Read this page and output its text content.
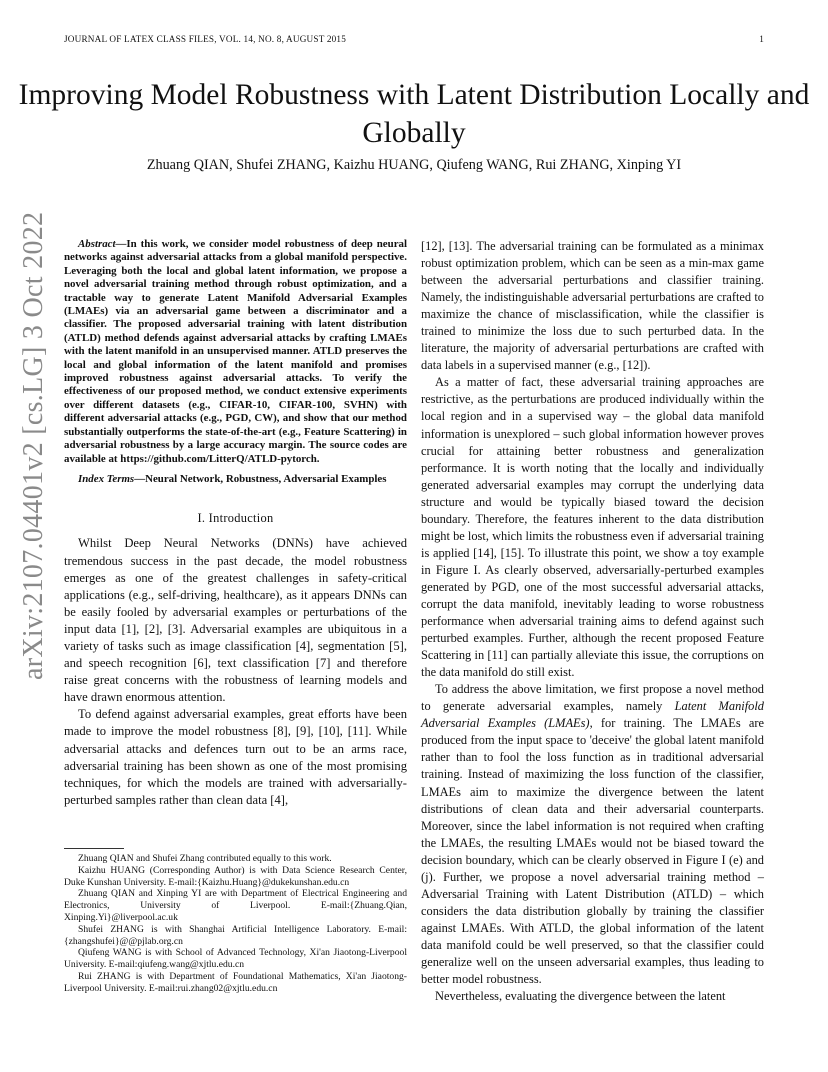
JOURNAL OF LATEX CLASS FILES, VOL. 14, NO. 8, AUGUST 2015	1
arXiv:2107.04401v2 [cs.LG] 3 Oct 2022
Improving Model Robustness with Latent Distribution Locally and Globally
Zhuang QIAN, Shufei ZHANG, Kaizhu HUANG, Qiufeng WANG, Rui ZHANG, Xinping YI

Abstract—In this work, we consider model robustness of deep neural networks against adversarial attacks from a global manifold perspective. Leveraging both the local and global latent information, we propose a novel adversarial training method through robust optimization, and a tractable way to generate Latent Manifold Adversarial Examples (LMAEs) via an adversarial game between a discriminator and a classifier. The proposed adversarial training with latent distribution (ATLD) method defends against adversarial attacks by crafting LMAEs with the latent manifold in an unsupervised manner. ATLD preserves the local and global information of the latent manifold and promises improved robustness against adversarial attacks. To verify the effectiveness of our proposed method, we conduct extensive experiments over different datasets (e.g., CIFAR-10, CIFAR-100, SVHN) with different adversarial attacks (e.g., PGD, CW), and show that our method substantially outperforms the state-of-the-art (e.g., Feature Scattering) in adversarial robustness by a large accuracy margin. The source codes are available at https://github.com/LitterQ/ATLD-pytorch.

Index Terms—Neural Network, Robustness, Adversarial Examples

I. Introduction

Whilst Deep Neural Networks (DNNs) have achieved tremendous success in the past decade, the model robustness emerges as one of the greatest challenges in safety-critical applications (e.g., self-driving, healthcare), as it appears DNNs can be easily fooled by adversarial examples or perturbations of the input data [1], [2], [3]. Adversarial examples are ubiquitous in a variety of tasks such as image classification [4], segmentation [5], and speech recognition [6], text classification [7] and therefore raise great concerns with the robustness of learning models and have drawn enormous attention.

To defend against adversarial examples, great efforts have been made to improve the model robustness [8], [9], [10], [11]. While adversarial attacks and defences turn out to be an arms race, adversarial training has been shown as one of the most promising techniques, for which the models are trained with adversarially-perturbed samples rather than clean data [4],

Zhuang QIAN and Shufei Zhang contributed equally to this work.

Kaizhu HUANG (Corresponding Author) is with Data Science Research Center, Duke Kunshan University. E-mail:{Kaizhu.Huang}@dukekunshan.edu.cn

Zhuang QIAN and Xinping YI are with Department of Electrical Engineering and Electronics, University of Liverpool. E-mail:{Zhuang.Qian, Xinping.Yi}@liverpool.ac.uk

Shufei ZHANG is with Shanghai Artificial Intelligence Laboratory. E-mail:{zhangshufei}@@pjlab.org.cn

Qiufeng WANG is with School of Advanced Technology, Xi'an Jiaotong-Liverpool University. E-mail:qiufeng.wang@xjtlu.edu.cn

Rui ZHANG is with Department of Foundational Mathematics, Xi'an Jiaotong-Liverpool University. E-mail:rui.zhang02@xjtlu.edu.cn

[12], [13]. The adversarial training can be formulated as a minimax robust optimization problem, which can be seen as a min-max game between the adversarial perturbations and classifier training. Namely, the indistinguishable adversarial perturbations are crafted to maximize the chance of misclassification, while the classifier is trained to minimize the loss due to such perturbed data. In the literature, the majority of adversarial perturbations are crafted with data labels in a supervised manner (e.g., [12]).

As a matter of fact, these adversarial training approaches are restrictive, as the perturbations are produced individually within the local region and in a supervised way – the global data manifold information is unexplored – such global information however proves crucial for attaining better robustness and generalization performance. It is worth noting that the locally and individually generated adversarial examples may corrupt the underlying data structure and would be typically biased toward the decision boundary. Therefore, the features inherent to the data distribution might be lost, which limits the robustness even if adversarial training is applied [14], [15]. To illustrate this point, we show a toy example in Figure I. As clearly observed, adversarially-perturbed examples generated by PGD, one of the most successful adversarial attacks, corrupt the data manifold, inevitably leading to worse robustness performance when adversarial training aims to defend against such perturbed examples. Further, although the recent proposed Feature Scattering in [11] can partially alleviate this issue, the corruptions on the data manifold do still exist.

To address the above limitation, we first propose a novel method to generate adversarial examples, namely Latent Manifold Adversarial Examples (LMAEs), for training. The LMAEs are produced from the input space to 'deceive' the global latent manifold rather than to fool the loss function as in traditional adversarial training. Instead of maximizing the loss function of the classifier, LMAEs aim to maximize the divergence between the latent distributions of clean data and their adversarial counterparts. Moreover, since the label information is not required when crafting the LMAEs, the resulting LMAEs would not be biased toward the decision boundary, which can be clearly observed in Figure I (e) and (j). Further, we propose a novel adversarial training method – Adversarial Training with Latent Distribution (ATLD) – which considers the data distribution globally by training the classifier against LMAEs. With ATLD, the global information of the latent data manifold could be well preserved, so that the classifier could generalize well on the unseen adversarial examples, thus leading to better model robustness.

Nevertheless, evaluating the divergence between the latent
